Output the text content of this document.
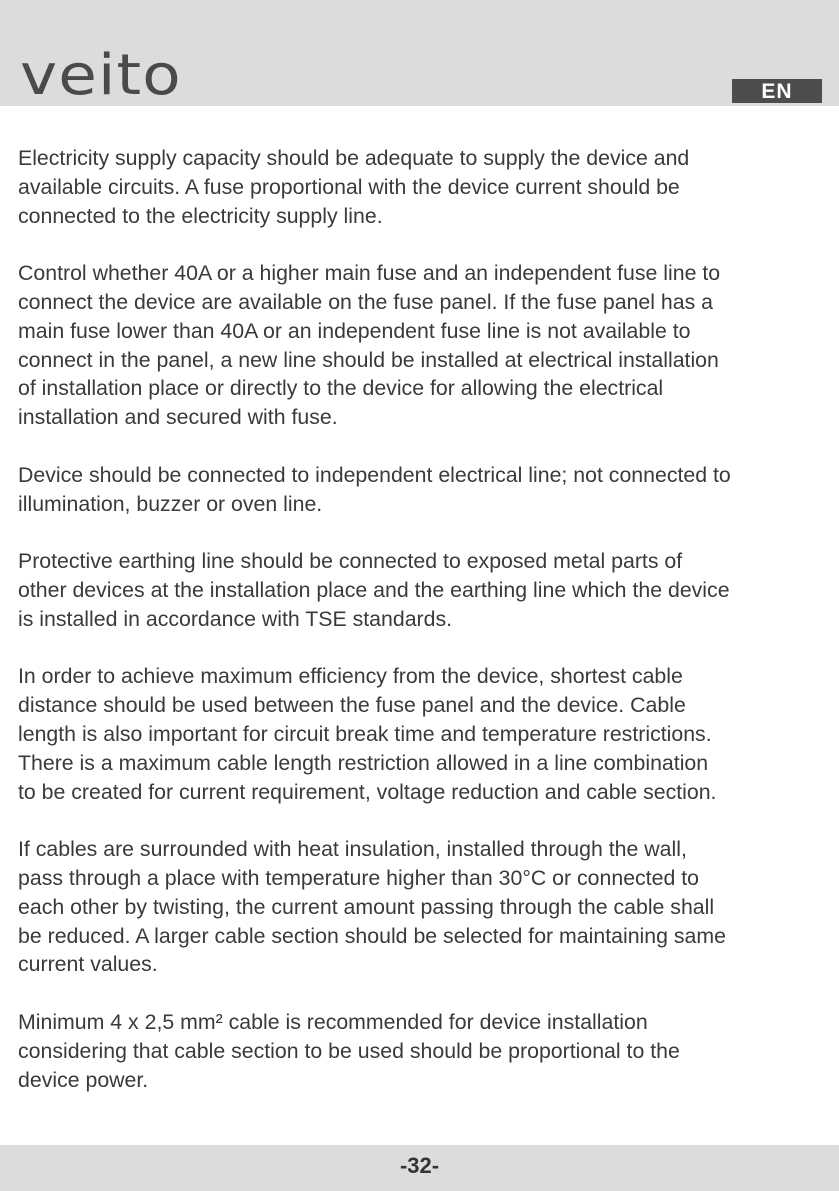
veito	EN

Electricity supply capacity should be adequate to supply the device and
available circuits. A fuse proportional with the device current should be
connected to the electricity supply line.

Control whether 40A or a higher main fuse and an independent fuse line to
connect the device are available on the fuse panel. If the fuse panel has a
main fuse lower than 40A or an independent fuse line is not available to
connect in the panel, a new line should be installed at electrical installation
of installation place or directly to the device for allowing the electrical
installation and secured with fuse.

Device should be connected to independent electrical line; not connected to
illumination, buzzer or oven line.

Protective earthing line should be connected to exposed metal parts of
other devices at the installation place and the earthing line which the device
is installed in accordance with TSE standards.

In order to achieve maximum efficiency from the device, shortest cable
distance should be used between the fuse panel and the device. Cable
length is also important for circuit break time and temperature restrictions.
There is a maximum cable length restriction allowed in a line combination
to be created for current requirement, voltage reduction and cable section.

If cables are surrounded with heat insulation, installed through the wall,
pass through a place with temperature higher than 30°C or connected to
each other by twisting, the current amount passing through the cable shall
be reduced. A larger cable section should be selected for maintaining same
current values.

Minimum 4 x 2,5 mm² cable is recommended for device installation
considering that cable section to be used should be proportional to the
device power.

-32-
